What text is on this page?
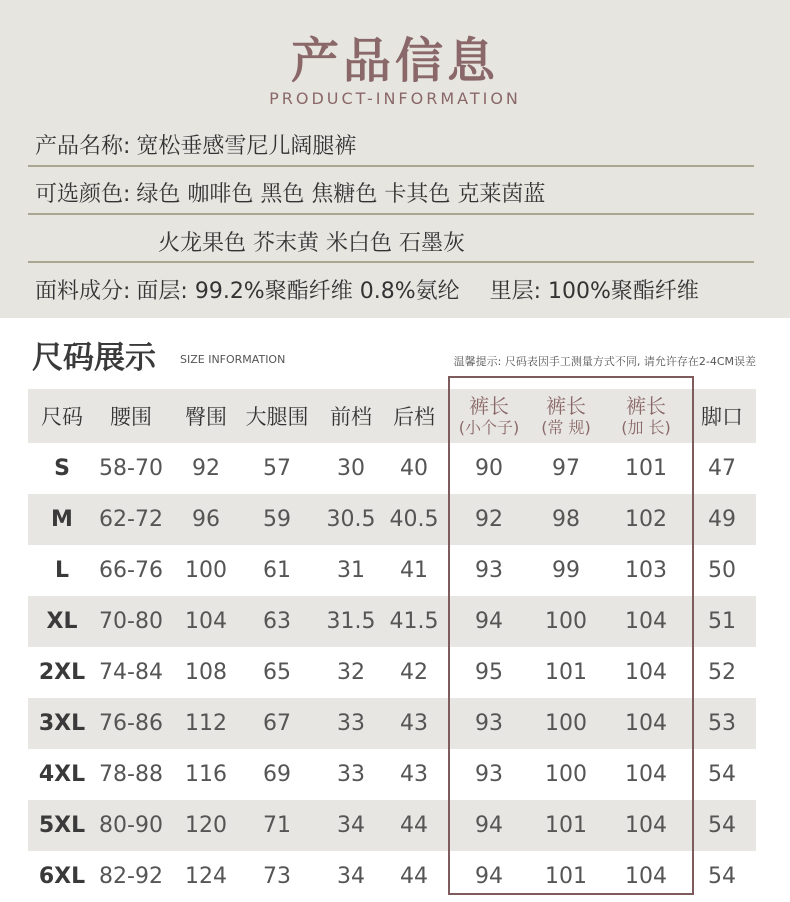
产品信息
PRODUCT-INFORMATION
产品名称: 宽松垂感雪尼儿阔腿裤
可选颜色: 绿色 咖啡色 黑色 焦糖色 卡其色 克莱茵蓝
火龙果色 芥末黄 米白色 石墨灰
面料成分: 面层: 99.2%聚酯纤维 0.8%氨纶 里层: 100%聚酯纤维
尺码展示 SIZE INFORMATION	温馨提示: 尺码表因手工测量方式不同, 请允许存在2-4CM误差
尺码 腰围 臀围 大腿围 前档 后档 裤长
(小个子)
裤长
(常 规)
裤长
(加 长) 脚口
S 58-70 92 57 30 40 90 97 101 47
M 62-72 96 59 30.5 40.5 92 98 102 49
L 66-76 100 61 31 41 93 99 103 50
XL 70-80 104 63 31.5 41.5 94 100 104 51
2XL 74-84 108 65 32 42 95 101 104 52
3XL 76-86 112 67 33 43 93 100 104 53
4XL 78-88 116 69 33 43 93 100 104 54
5XL 80-90 120 71 34 44 94 101 104 54
6XL 82-92 124 73 34 44 94 101 104 54
